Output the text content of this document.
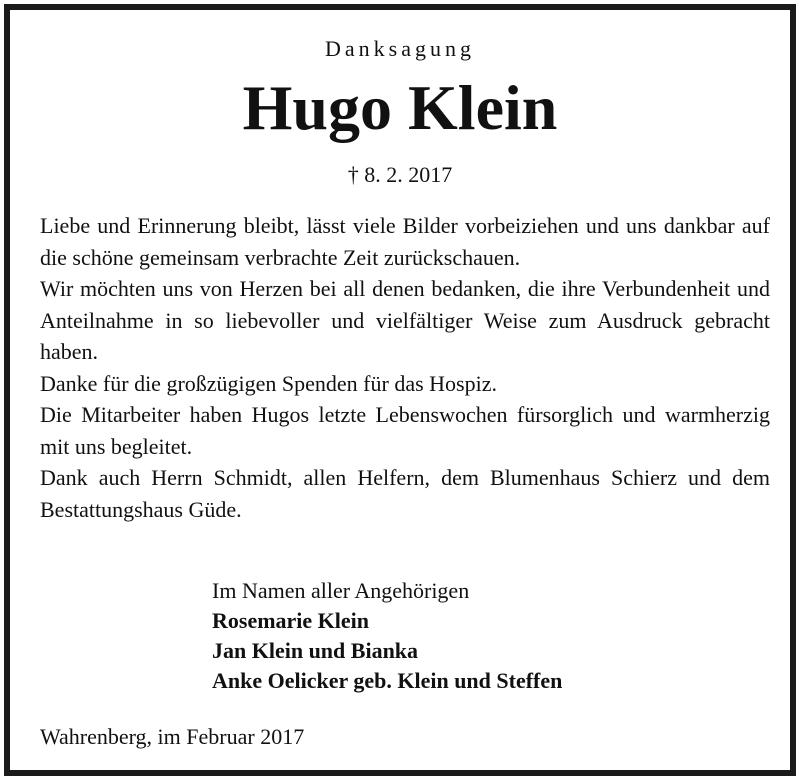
Danksagung
Hugo Klein
† 8. 2. 2017

Liebe und Erinnerung bleibt, lässt viele Bilder vorbeiziehen und uns dankbar auf die schöne gemeinsam verbrachte Zeit zurückschauen.

Wir möchten uns von Herzen bei all denen bedanken, die ihre Verbundenheit und Anteilnahme in so liebevoller und vielfältiger Weise zum Ausdruck gebracht haben.

Danke für die großzügigen Spenden für das Hospiz.

Die Mitarbeiter haben Hugos letzte Lebenswochen fürsorglich und warmherzig mit uns begleitet.

Dank auch Herrn Schmidt, allen Helfern, dem Blumenhaus Schierz und dem Bestattungshaus Güde.

Im Namen aller Angehörigen
Rosemarie Klein
Jan Klein und Bianka
Anke Oelicker geb. Klein und Steffen
Wahrenberg, im Februar 2017
